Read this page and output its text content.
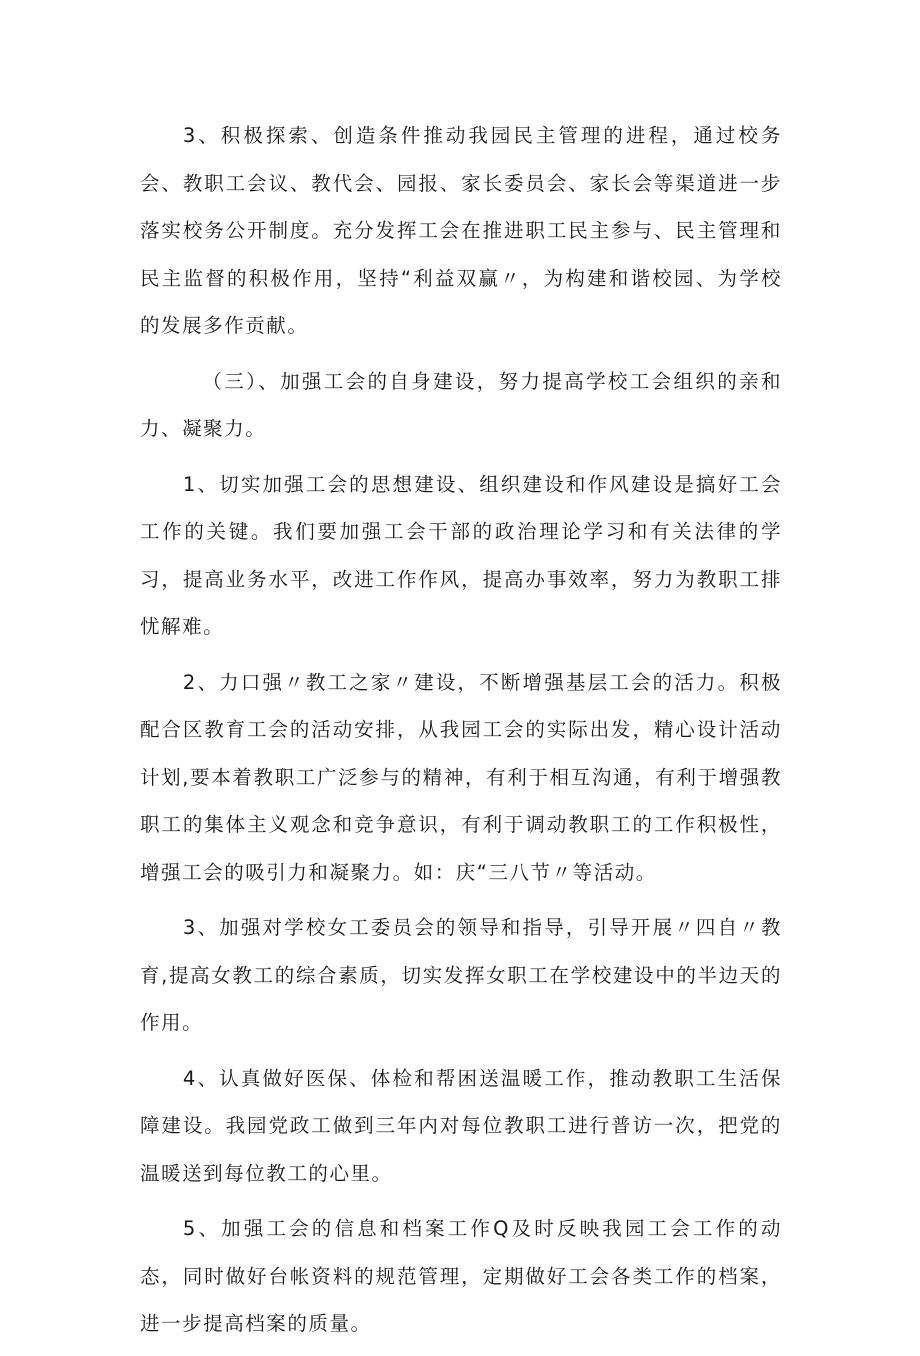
3、积极探索、创造条件推动我园民主管理的进程，通过校务会、教职工会议、教代会、园报、家长委员会、家长会等渠道进一步落实校务公开制度。充分发挥工会在推进职工民主参与、民主管理和民主监督的积极作用，坚持“利益双赢〃，为构建和谐校园、为学校的发展多作贡献。

（三）、加强工会的自身建设，努力提高学校工会组织的亲和力、凝聚力。

1、切实加强工会的思想建设、组织建设和作风建设是搞好工会工作的关键。我们要加强工会干部的政治理论学习和有关法律的学习，提高业务水平，改进工作作风，提高办事效率，努力为教职工排忧解难。

2、力口强〃教工之家〃建设，不断增强基层工会的活力。积极配合区教育工会的活动安排，从我园工会的实际出发，精心设计活动计划,要本着教职工广泛参与的精神，有利于相互沟通，有利于增强教职工的集体主义观念和竞争意识，有利于调动教职工的工作积极性，增强工会的吸引力和凝聚力。如：庆“三八节〃等活动。

3、加强对学校女工委员会的领导和指导，引导开展〃四自〃教育,提高女教工的综合素质，切实发挥女职工在学校建设中的半边天的作用。

4、认真做好医保、体检和帮困送温暖工作，推动教职工生活保障建设。我园党政工做到三年内对每位教职工进行普访一次，把党的温暖送到每位教工的心里。

5、加强工会的信息和档案工作Q及时反映我园工会工作的动态，同时做好台帐资料的规范管理，定期做好工会各类工作的档案，进一步提高档案的质量。
